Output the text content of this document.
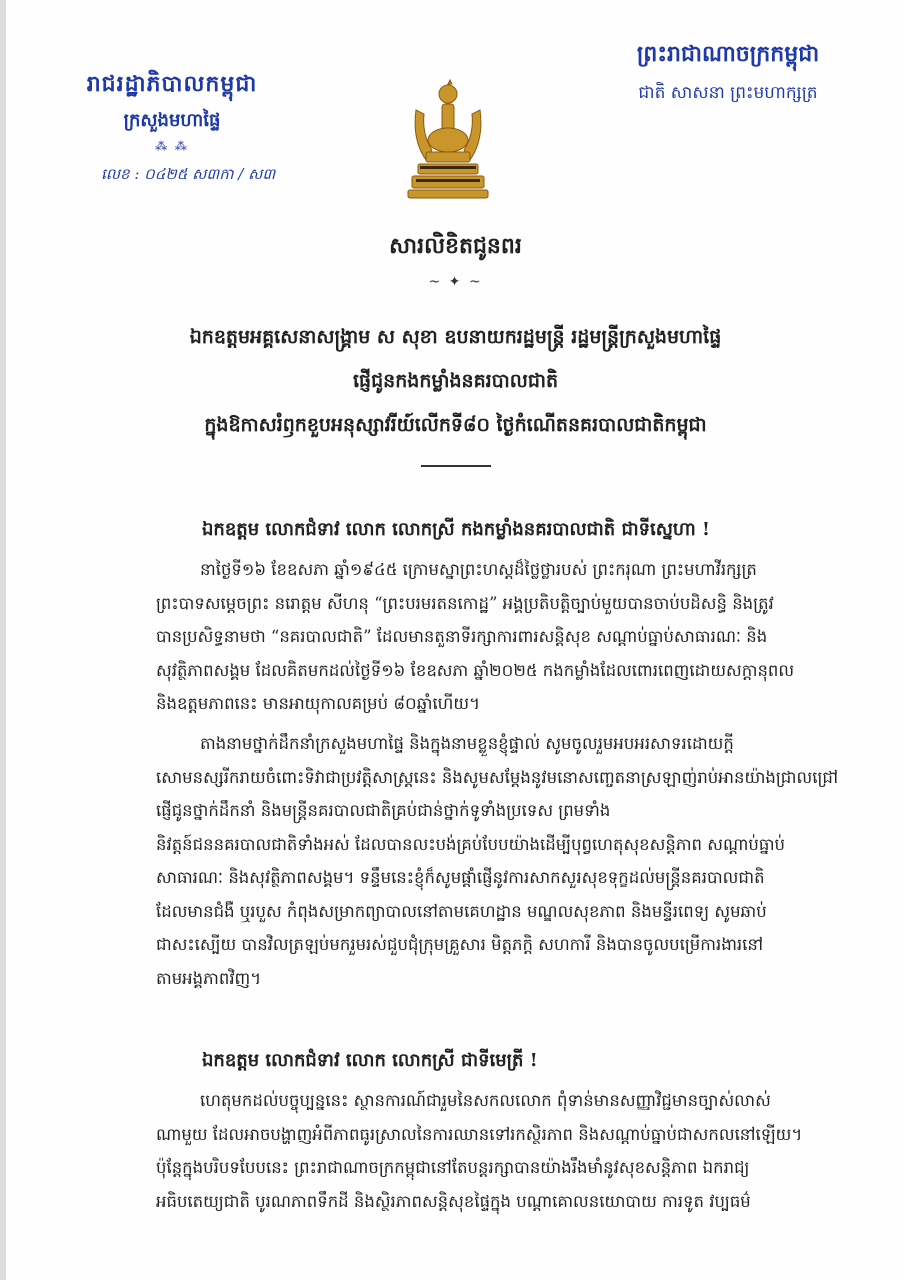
រាជរដ្ឋាភិបាលកម្ពុជា
ក្រសួងមហាផ្ទៃ
⁂ ⁂
លេខ : ០៤២៥ ស៣កា / ស៣
ព្រះរាជាណាចក្រកម្ពុជា
ជាតិ សាសនា ព្រះមហាក្សត្រ
សារលិខិតជូនពរ
~ ✦ ~
ឯកឧត្តមអគ្គសេនាសង្គ្រាម ស សុខា ឧបនាយករដ្ឋមន្ត្រី រដ្ឋមន្ត្រីក្រសួងមហាផ្ទៃ
ផ្ញើជូនកងកម្លាំងនគរបាលជាតិ
ក្នុងឱកាសរំឭកខួបអនុស្សាវរីយ៍លើកទី៨០ ថ្ងៃកំណើតនគរបាលជាតិកម្ពុជា
ឯកឧត្តម លោកជំទាវ លោក លោកស្រី កងកម្លាំងនគរបាលជាតិ ជាទីស្នេហា !
នាថ្ងៃទី១៦ ខែឧសភា ឆ្នាំ១៩៤៥ ក្រោមស្នាព្រះហស្ដដ៏ថ្លៃថ្លារបស់ ព្រះករុណា ព្រះមហាវីរក្សត្រ
ព្រះបាទសម្ដេចព្រះ នរោត្តម សីហនុ “ព្រះបរមរតនកោដ្ឋ” អង្គប្រតិបត្តិច្បាប់មួយបានចាប់បដិសន្ធិ និងត្រូវ
បានប្រសិទ្ធនាមថា “នគរបាលជាតិ” ដែលមានតួនាទីរក្សាការពារសន្តិសុខ សណ្ដាប់ធ្នាប់សាធារណៈ និង
សុវត្ថិភាពសង្គម ដែលគិតមកដល់ថ្ងៃទី១៦ ខែឧសភា ឆ្នាំ២០២៥ កងកម្លាំងដែលពោរពេញដោយសក្ដានុពល
និងឧត្ដមភាពនេះ មានអាយុកាលគម្រប់ ៨០ឆ្នាំហើយ។
តាងនាមថ្នាក់ដឹកនាំក្រសួងមហាផ្ទៃ និងក្នុងនាមខ្លួនខ្ញុំផ្ទាល់ សូមចូលរួមអបអរសាទរដោយក្ដី
សោមនស្សរីករាយចំពោះទិវាជាប្រវត្តិសាស្ត្រនេះ និងសូមសម្ដែងនូវមនោសញ្ចេតនាស្រឡាញ់រាប់អានយ៉ាងជ្រាលជ្រៅ
ផ្ញើជូនថ្នាក់ដឹកនាំ និងមន្ត្រីនគរបាលជាតិគ្រប់ជាន់ថ្នាក់ទូទាំងប្រទេស ព្រមទាំង
និវត្តន៍ជននគរបាលជាតិទាំងអស់ ដែលបានលះបង់គ្រប់បែបយ៉ាងដើម្បីបុព្វហេតុសុខសន្តិភាព សណ្ដាប់ធ្នាប់
សាធារណៈ និងសុវត្ថិភាពសង្គម។ ទន្ទឹមនេះខ្ញុំក៏សូមផ្ដាំផ្ញើនូវការសាកសួរសុខទុក្ខដល់មន្ត្រីនគរបាលជាតិ
ដែលមានជំងឺ ឬរបួស កំពុងសម្រាកព្យាបាលនៅតាមគេហដ្ឋាន មណ្ឌលសុខភាព និងមន្ទីរពេទ្យ សូមឆាប់
ជាសះស្បើយ បានវិលត្រឡប់មករួមរស់ជួបជុំក្រុមគ្រួសារ មិត្តភក្ដិ សហការី និងបានចូលបម្រើការងារនៅ
តាមអង្គភាពវិញ។
ឯកឧត្តម លោកជំទាវ លោក លោកស្រី ជាទីមេត្រី !
ហេតុមកដល់បច្ចុប្បន្ននេះ ស្ថានការណ៍ជារួមនៃសកលលោក ពុំទាន់មានសញ្ញាវិជ្ជមានច្បាស់លាស់
ណាមួយ ដែលអាចបង្ហាញអំពីភាពធូរស្រាលនៃការឈានទៅរកស្ថិរភាព និងសណ្ដាប់ធ្នាប់ជាសកលនៅឡើយ។
ប៉ុន្តែក្នុងបរិបទបែបនេះ ព្រះរាជាណាចក្រកម្ពុជានៅតែបន្តរក្សាបានយ៉ាងរឹងមាំនូវសុខសន្តិភាព ឯករាជ្យ
អធិបតេយ្យជាតិ បូរណភាពទឹកដី និងស្ថិរភាពសន្តិសុខផ្ទៃក្នុង បណ្ដាគោលនយោបាយ ការទូត វប្បធម៌
